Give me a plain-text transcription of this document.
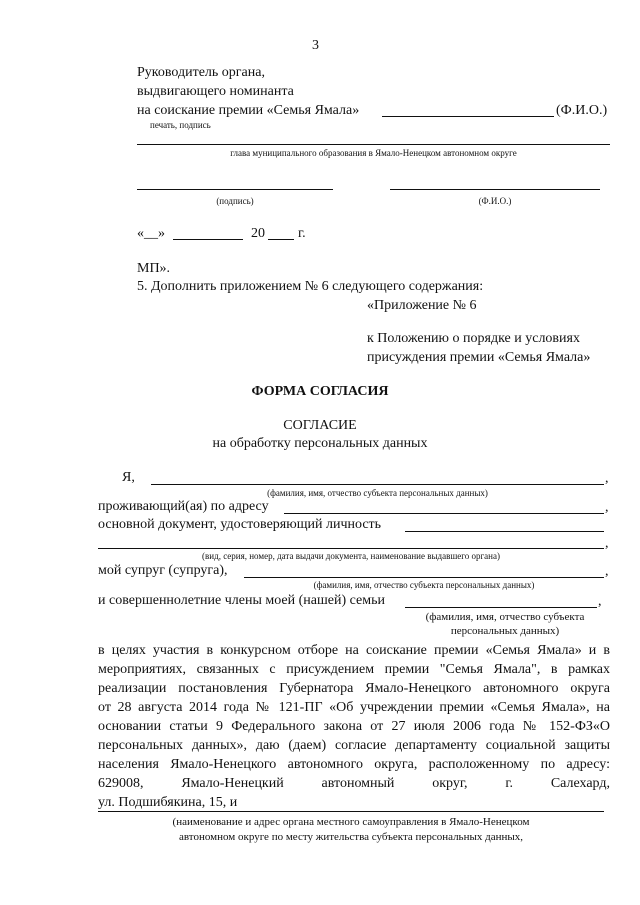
3
Руководитель органа,
выдвигающего номинанта
на соискание премии «Семья Ямала»	(Ф.И.О.)
печать, подпись
глава муниципального образования в Ямало-Ненецком автономном округе
(подпись)	(Ф.И.О.)
«__»	20 г.
МП».
5. Дополнить приложением № 6 следующего содержания:
«Приложение № 6
к Положению о порядке и условиях
присуждения премии «Семья Ямала»
ФОРМА СОГЛАСИЯ
СОГЛАСИЕ
на обработку персональных данных
Я,	,
(фамилия, имя, отчество субъекта персональных данных)
проживающий(ая) по адресу	,
основной документ, удостоверяющий личность
,
(вид, серия, номер, дата выдачи документа, наименование выдавшего органа)
мой супруг (супруга),	,
(фамилия, имя, отчество субъекта персональных данных)
и совершеннолетние члены моей (нашей) семьи	,
(фамилия, имя, отчество субъекта
персональных данных)
в целях участия в конкурсном отборе на соискание премии «Семья Ямала» и в
мероприятиях, связанных с присуждением премии "Семья Ямала", в рамках
реализации постановления Губернатора Ямало-Ненецкого автономного округа
от 28 августа 2014 года № 121-ПГ «Об учреждении премии «Семья Ямала», на
основании статьи 9 Федерального закона от 27 июля 2006 года № 152-ФЗ«О
персональных данных», даю (даем) согласие департаменту социальной защиты
населения Ямало-Ненецкого автономного округа, расположенному по адресу:
629008, Ямало-Ненецкий автономный округ, г. Салехард,
ул. Подшибякина, 15, и
(наименование и адрес органа местного самоуправления в Ямало-Ненецком
автономном округе по месту жительства субъекта персональных данных,
